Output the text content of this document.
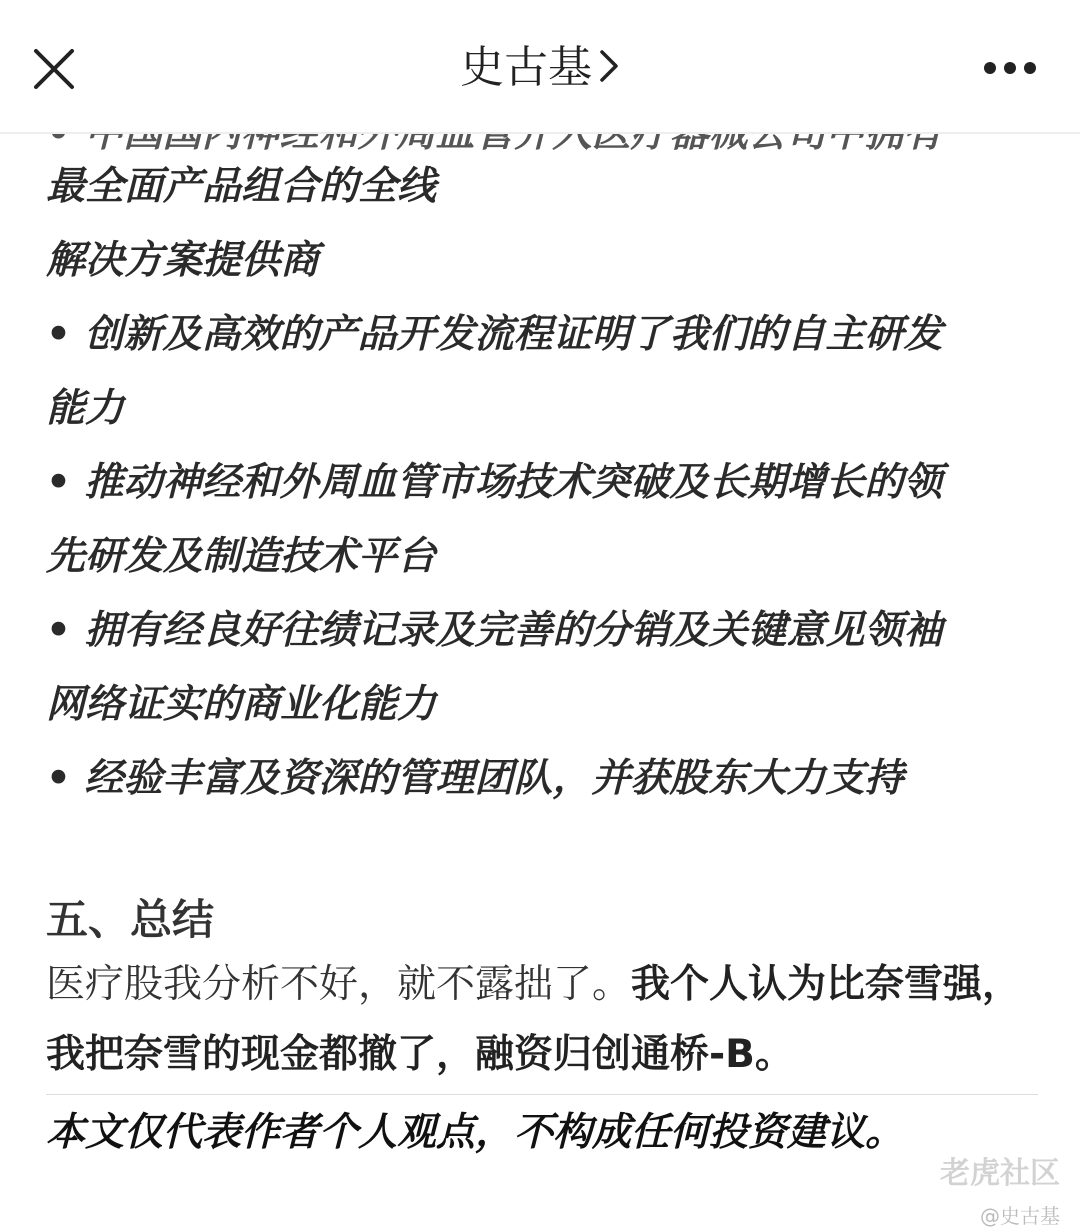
史古基

最全面产品组合的全线

解决方案提供商

• 创新及高效的产品开发流程证明了我们的自主研发

能力

• 推动神经和外周血管市场技术突破及长期增长的领

先研发及制造技术平台

• 拥有经良好往绩记录及完善的分销及关键意见领袖

网络证实的商业化能力

• 经验丰富及资深的管理团队，并获股东大力支持

五、总结

医疗股我分析不好，就不露拙了。我个人认为比奈雪强，我把奈雪的现金都撤了，融资归创通桥-B。

本文仅代表作者个人观点，不构成任何投资建议。

老虎社区
@史古基
